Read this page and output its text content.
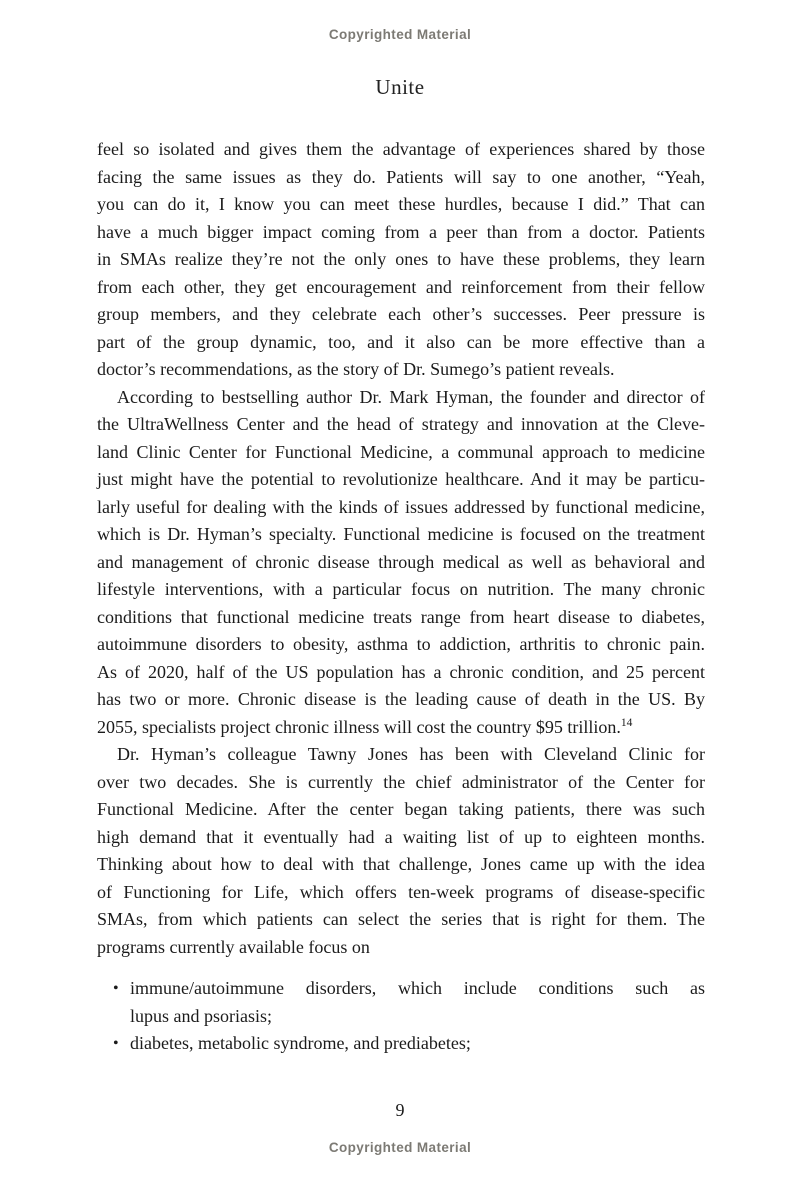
Copyrighted Material
Unite
feel so isolated and gives them the advantage of experiences shared by those
facing the same issues as they do. Patients will say to one another, “Yeah,
you can do it, I know you can meet these hurdles, because I did.” That can
have a much bigger impact coming from a peer than from a doctor. Patients
in SMAs realize they’re not the only ones to have these problems, they learn
from each other, they get encouragement and reinforcement from their fellow
group members, and they celebrate each other’s successes. Peer pressure is
part of the group dynamic, too, and it also can be more effective than a
doctor’s recommendations, as the story of Dr. Sumego’s patient reveals.
According to bestselling author Dr. Mark Hyman, the founder and director of
the UltraWellness Center and the head of strategy and innovation at the Cleve-
land Clinic Center for Functional Medicine, a communal approach to medicine
just might have the potential to revolutionize healthcare. And it may be particu-
larly useful for dealing with the kinds of issues addressed by functional medicine,
which is Dr. Hyman’s specialty. Functional medicine is focused on the treatment
and management of chronic disease through medical as well as behavioral and
lifestyle interventions, with a particular focus on nutrition. The many chronic
conditions that functional medicine treats range from heart disease to diabetes,
autoimmune disorders to obesity, asthma to addiction, arthritis to chronic pain.
As of 2020, half of the US population has a chronic condition, and 25 percent
has two or more. Chronic disease is the leading cause of death in the US. By
2055, specialists project chronic illness will cost the country $95 trillion.$^{14}$
Dr. Hyman’s colleague Tawny Jones has been with Cleveland Clinic for
over two decades. She is currently the chief administrator of the Center for
Functional Medicine. After the center began taking patients, there was such
high demand that it eventually had a waiting list of up to eighteen months.
Thinking about how to deal with that challenge, Jones came up with the idea
of Functioning for Life, which offers ten-week programs of disease-specific
SMAs, from which patients can select the series that is right for them. The
programs currently available focus on
• immune/autoimmune disorders, which include conditions such as
lupus and psoriasis;
• diabetes, metabolic syndrome, and prediabetes;
9
Copyrighted Material
